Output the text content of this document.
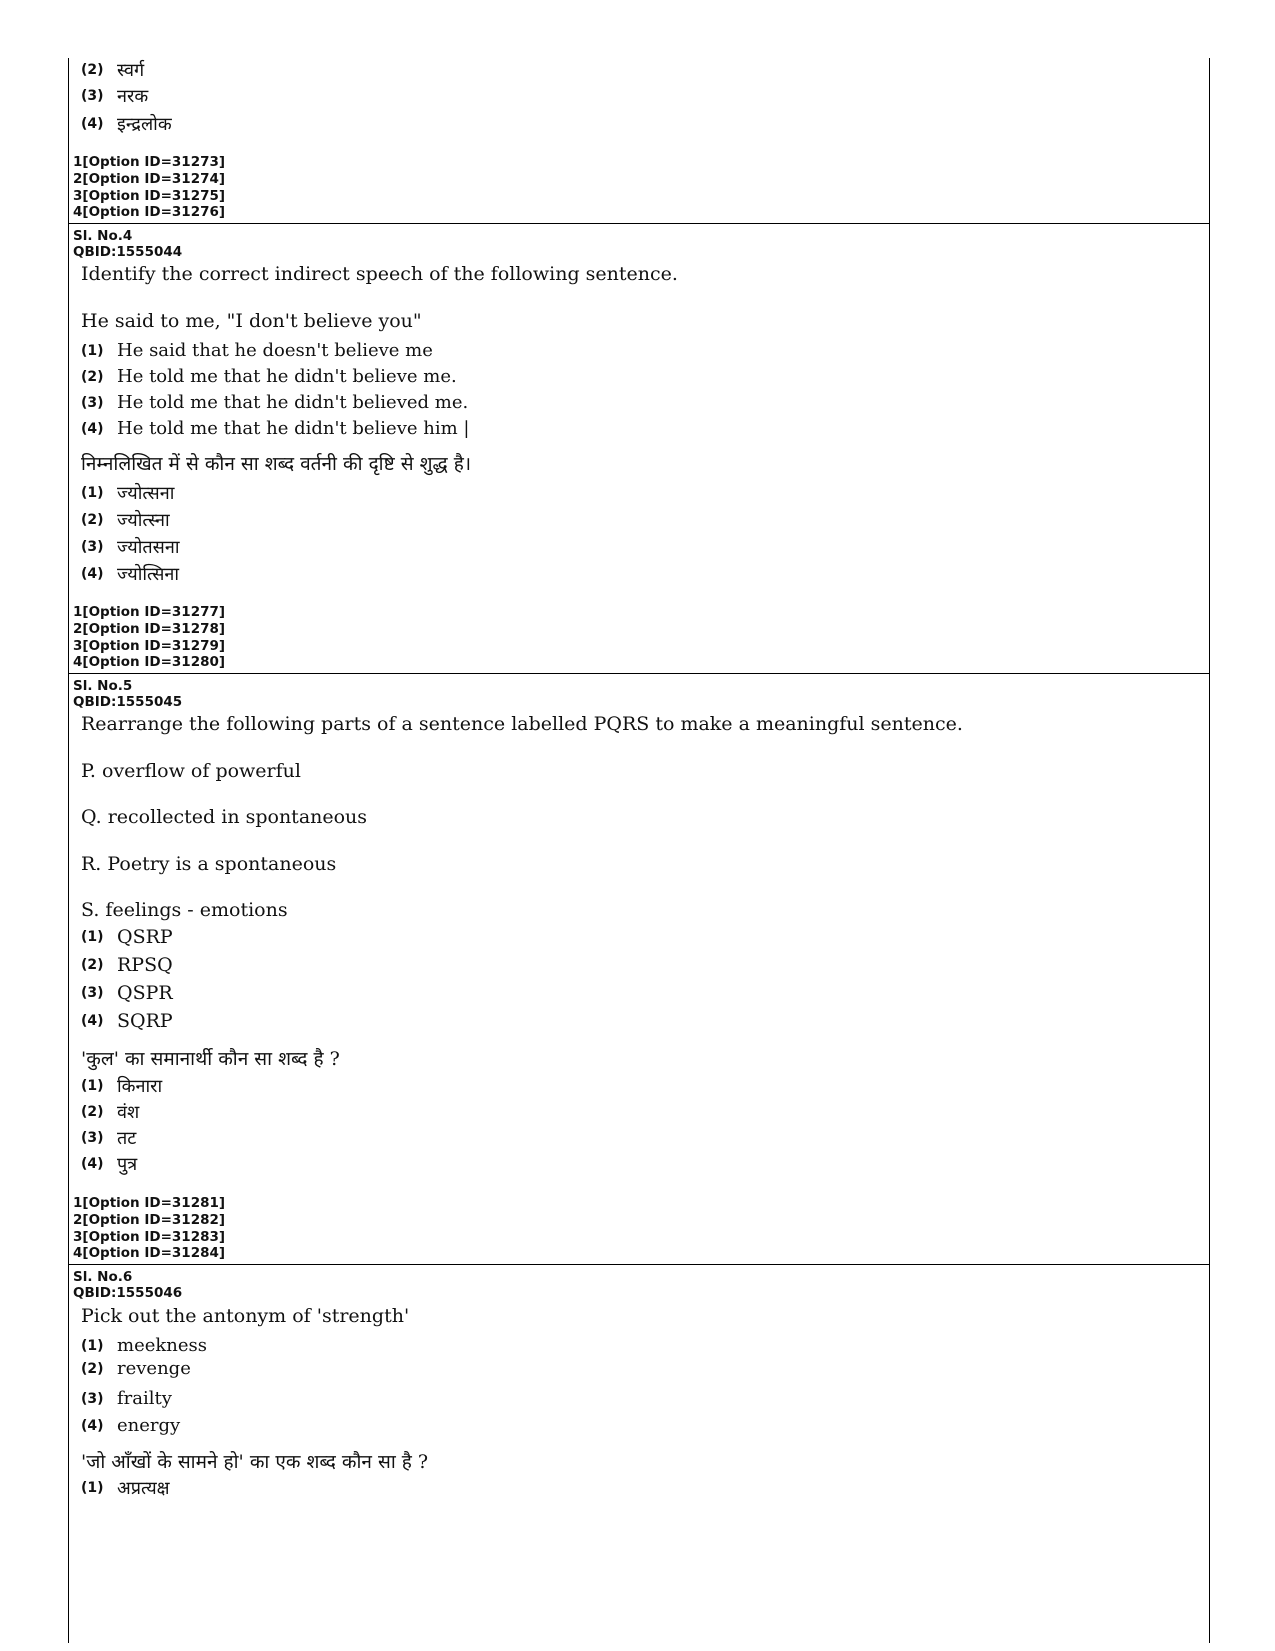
(2) स्वर्ग
(3) नरक
(4) इन्द्रलोक
1[Option ID=31273]
2[Option ID=31274]
3[Option ID=31275]
4[Option ID=31276]
Sl. No.4
QBID:1555044
Identify the correct indirect speech of the following sentence.
He said to me, "I don't believe you"
(1) He said that he doesn't believe me
(2) He told me that he didn't believe me.
(3) He told me that he didn't believed me.
(4) He told me that he didn't believe him |
निम्नलिखित में से कौन सा शब्द वर्तनी की दृष्टि से शुद्ध है।
(1) ज्योत्सना
(2) ज्योत्स्ना
(3) ज्योतसना
(4) ज्योत्सिना
1[Option ID=31277]
2[Option ID=31278]
3[Option ID=31279]
4[Option ID=31280]
Sl. No.5
QBID:1555045
Rearrange the following parts of a sentence labelled PQRS to make a meaningful sentence.
P. overflow of powerful
Q. recollected in spontaneous
R. Poetry is a spontaneous
S. feelings - emotions
(1) QSRP
(2) RPSQ
(3) QSPR
(4) SQRP
'कुल' का समानार्थी कौन सा शब्द है ?
(1) किनारा
(2) वंश
(3) तट
(4) पुत्र
1[Option ID=31281]
2[Option ID=31282]
3[Option ID=31283]
4[Option ID=31284]
Sl. No.6
QBID:1555046
Pick out the antonym of 'strength'
(1) meekness
(2) revenge
(3) frailty
(4) energy
'जो आँखों के सामने हो' का एक शब्द कौन सा है ?
(1) अप्रत्यक्ष
